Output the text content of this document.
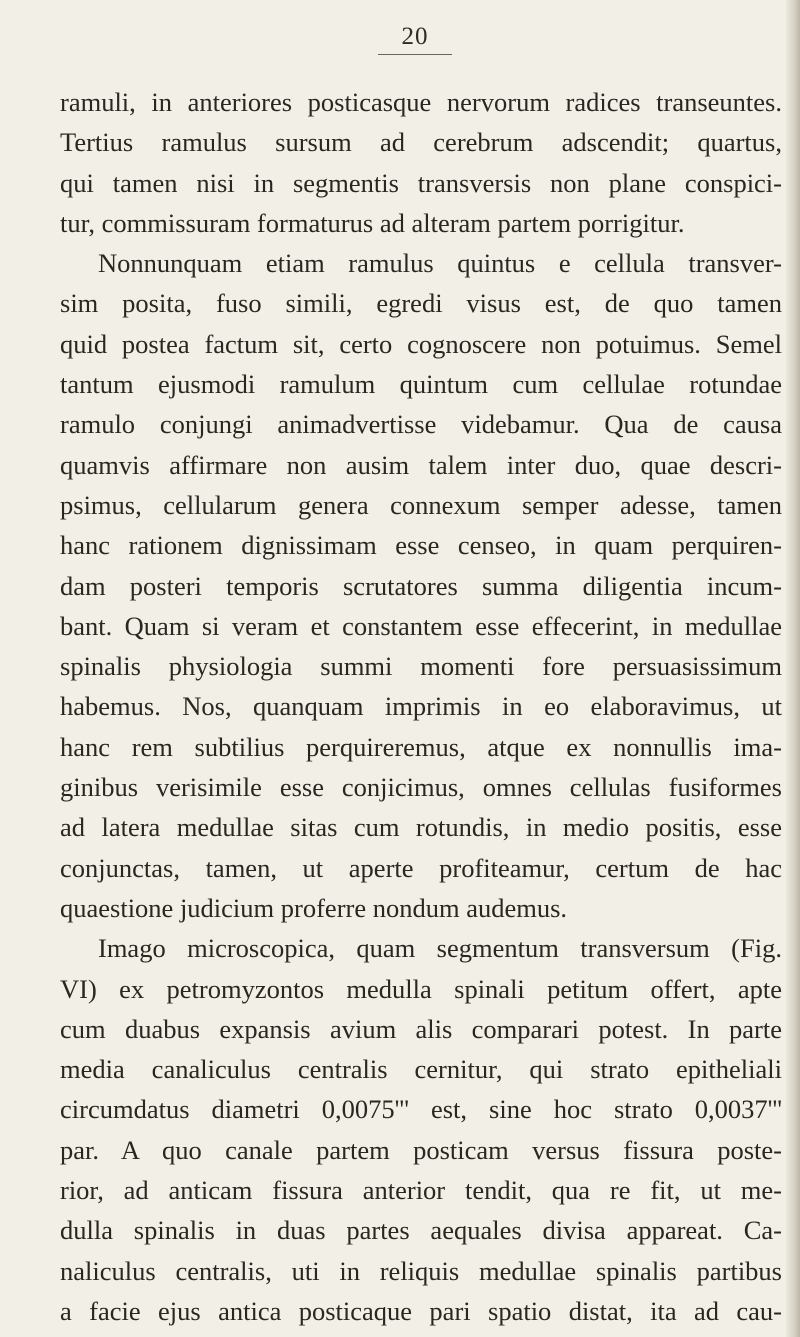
20
ramuli, in anteriores posticasque nervorum radices transeuntes.
Tertius ramulus sursum ad cerebrum adscendit; quartus,
qui tamen nisi in segmentis transversis non plane conspici-
tur, commissuram formaturus ad alteram partem porrigitur.
Nonnunquam etiam ramulus quintus e cellula transver-
sim posita, fuso simili, egredi visus est, de quo tamen
quid postea factum sit, certo cognoscere non potuimus. Semel
tantum ejusmodi ramulum quintum cum cellulae rotundae
ramulo conjungi animadvertisse videbamur. Qua de causa
quamvis affirmare non ausim talem inter duo, quae descri-
psimus, cellularum genera connexum semper adesse, tamen
hanc rationem dignissimam esse censeo, in quam perquiren-
dam posteri temporis scrutatores summa diligentia incum-
bant. Quam si veram et constantem esse effecerint, in medullae
spinalis physiologia summi momenti fore persuasissimum
habemus. Nos, quanquam imprimis in eo elaboravimus, ut
hanc rem subtilius perquireremus, atque ex nonnullis ima-
ginibus verisimile esse conjicimus, omnes cellulas fusiformes
ad latera medullae sitas cum rotundis, in medio positis, esse
conjunctas, tamen, ut aperte profiteamur, certum de hac
quaestione judicium proferre nondum audemus.
Imago microscopica, quam segmentum transversum (Fig.
VI) ex petromyzontos medulla spinali petitum offert, apte
cum duabus expansis avium alis comparari potest. In parte
media canaliculus centralis cernitur, qui strato epitheliali
circumdatus diametri 0,0075''' est, sine hoc strato 0,0037'''
par. A quo canale partem posticam versus fissura poste-
rior, ad anticam fissura anterior tendit, qua re fit, ut me-
dulla spinalis in duas partes aequales divisa appareat. Ca-
naliculus centralis, uti in reliquis medullae spinalis partibus
a facie ejus antica posticaque pari spatio distat, ita ad cau-
